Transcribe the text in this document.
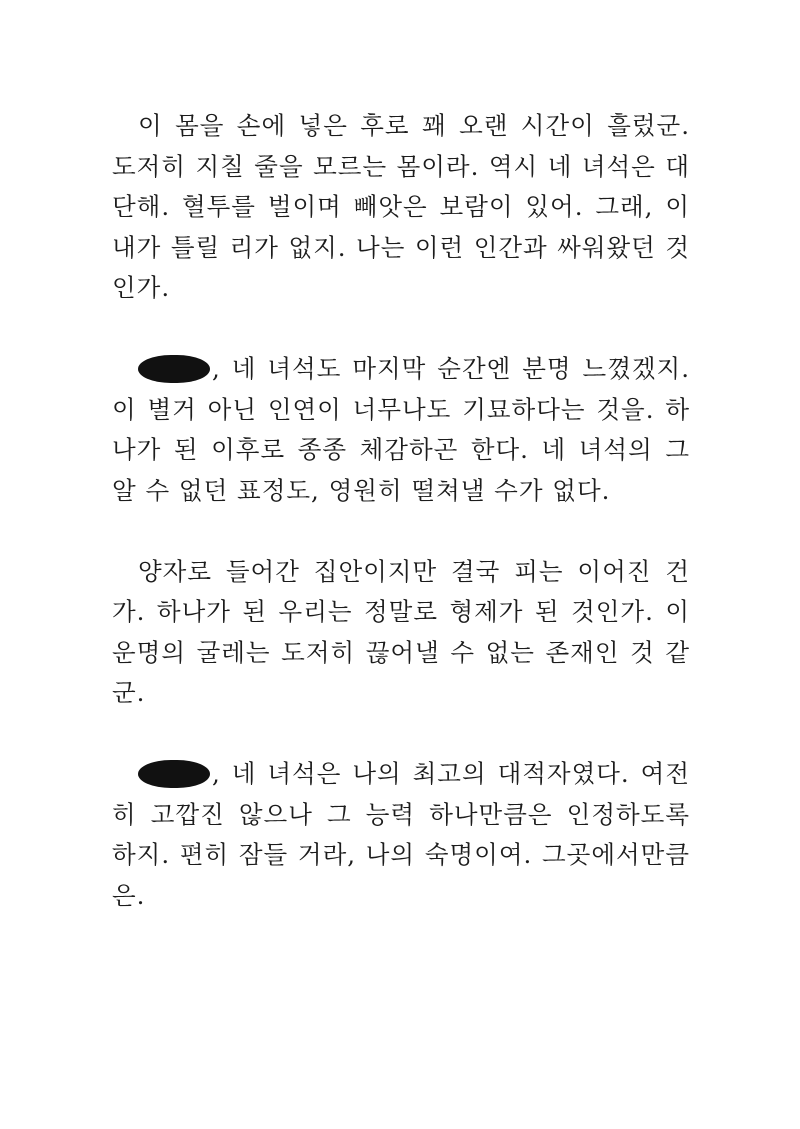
이 몸을 손에 넣은 후로 꽤 오랜 시간이 흘렀군. 도저히 지칠 줄을 모르는 몸이라. 역시 네 녀석은 대단해. 혈투를 벌이며 빼앗은 보람이 있어. 그래, 이 내가 틀릴 리가 없지. 나는 이런 인간과 싸워왔던 것인가.

, 네 녀석도 마지막 순간엔 분명 느꼈겠지. 이 별거 아닌 인연이 너무나도 기묘하다는 것을. 하나가 된 이후로 종종 체감하곤 한다. 네 녀석의 그 알 수 없던 표정도, 영원히 떨쳐낼 수가 없다.

양자로 들어간 집안이지만 결국 피는 이어진 건가. 하나가 된 우리는 정말로 형제가 된 것인가. 이 운명의 굴레는 도저히 끊어낼 수 없는 존재인 것 같군.

, 네 녀석은 나의 최고의 대적자였다. 여전히 고깝진 않으나 그 능력 하나만큼은 인정하도록 하지. 편히 잠들 거라, 나의 숙명이여. 그곳에서만큼은.
